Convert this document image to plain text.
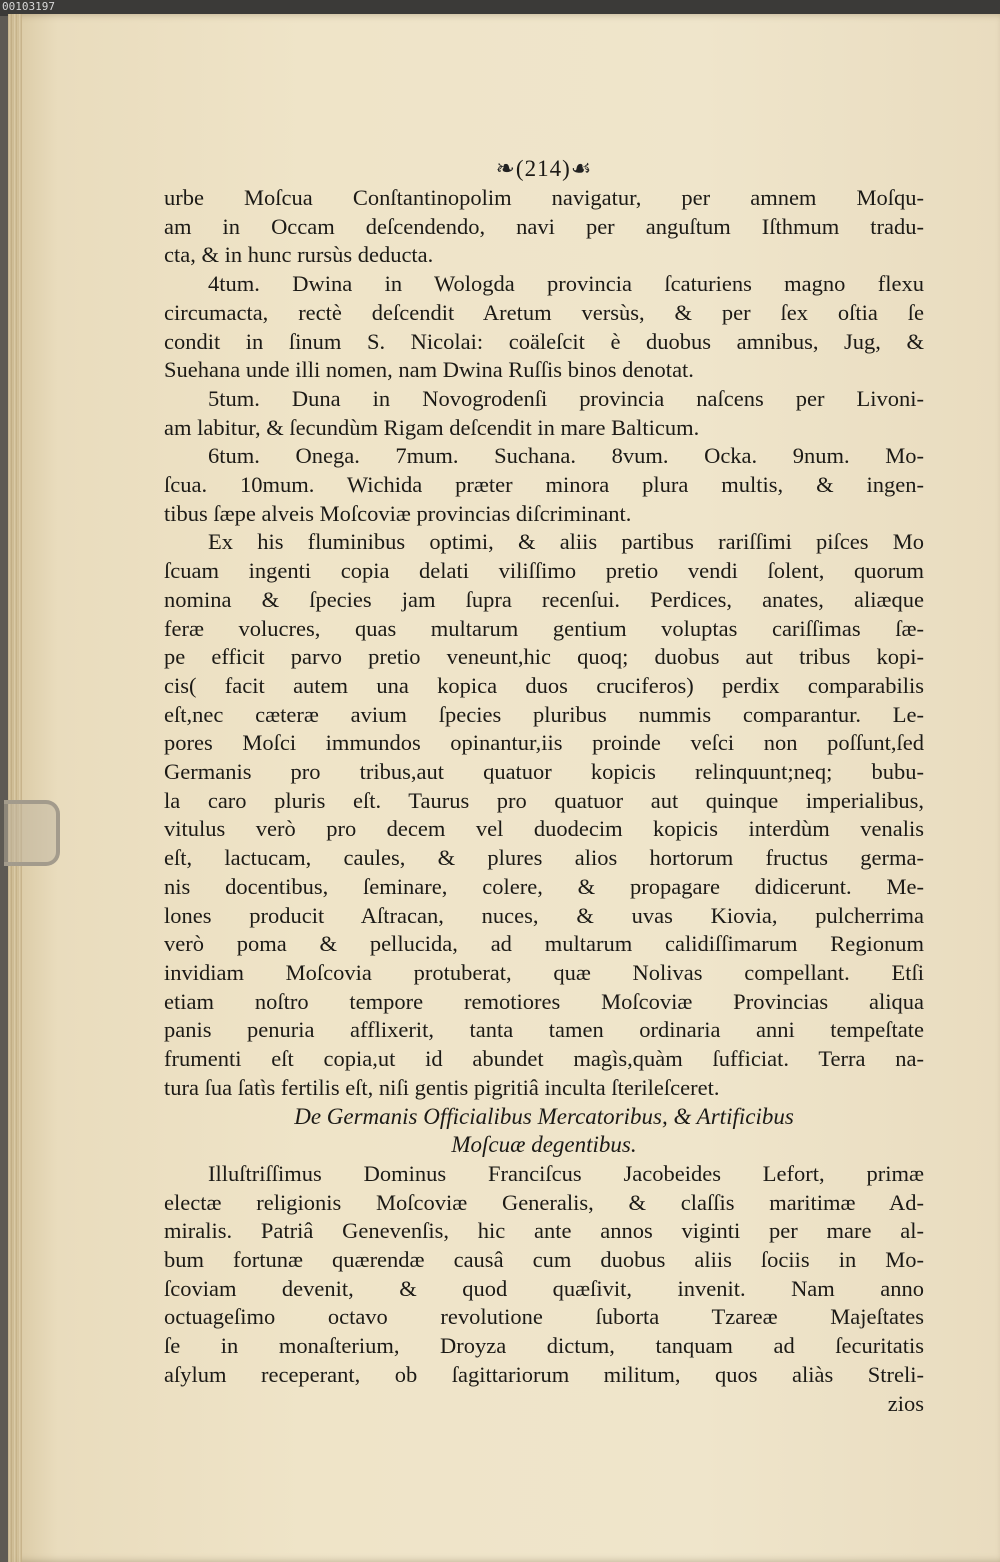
00103197
❧(214)☙
urbe Moſcua Conſtantinopolim navigatur, per amnem Moſqu-
am in Occam deſcendendo, navi per anguſtum Iſthmum tradu-
cta, & in hunc rursùs deducta.
4tum. Dwina in Wologda provincia ſcaturiens magno flexu
circumacta, rectè deſcendit Aretum versùs, & per ſex oſtia ſe
condit in ſinum S. Nicolai: coäleſcit è duobus amnibus, Jug, &
Suehana unde illi nomen, nam Dwina Ruſſis binos denotat.
5tum. Duna in Novogrodenſi provincia naſcens per Livoni-
am labitur, & ſecundùm Rigam deſcendit in mare Balticum.
6tum. Onega. 7mum. Suchana. 8vum. Ocka. 9num. Mo-
ſcua. 10mum. Wichida præter minora plura multis, & ingen-
tibus ſæpe alveis Moſcoviæ provincias diſcriminant.
Ex his fluminibus optimi, & aliis partibus rariſſimi piſces Mo
ſcuam ingenti copia delati viliſſimo pretio vendi ſolent, quorum
nomina & ſpecies jam ſupra recenſui. Perdices, anates, aliæque
feræ volucres, quas multarum gentium voluptas cariſſimas ſæ-
pe efficit parvo pretio veneunt,hic quoq; duobus aut tribus kopi-
cis( facit autem una kopica duos cruciferos) perdix comparabilis
eſt,nec cæteræ avium ſpecies pluribus nummis comparantur. Le-
pores Moſci immundos opinantur,iis proinde veſci non poſſunt,ſed
Germanis pro tribus,aut quatuor kopicis relinquunt;neq; bubu-
la caro pluris eſt. Taurus pro quatuor aut quinque imperialibus,
vitulus verò pro decem vel duodecim kopicis interdùm venalis
eſt, lactucam, caules, & plures alios hortorum fructus germa-
nis docentibus, ſeminare, colere, & propagare didicerunt. Me-
lones producit Aſtracan, nuces, & uvas Kiovia, pulcherrima
verò poma & pellucida, ad multarum calidiſſimarum Regionum
invidiam Moſcovia protuberat, quæ Nolivas compellant. Etſi
etiam noſtro tempore remotiores Moſcoviæ Provincias aliqua
panis penuria afflixerit, tanta tamen ordinaria anni tempeſtate
frumenti eſt copia,ut id abundet magìs,quàm ſufficiat. Terra na-
tura ſua ſatìs fertilis eſt, niſi gentis pigritiâ inculta ſterileſceret.
De Germanis Officialibus Mercatoribus, & Artificibus
Moſcuæ degentibus.
Illuſtriſſimus Dominus Franciſcus Jacobeides Lefort, primæ
electæ religionis Moſcoviæ Generalis, & claſſis maritimæ Ad-
miralis. Patriâ Genevenſis, hic ante annos viginti per mare al-
bum fortunæ quærendæ causâ cum duobus aliis ſociis in Mo-
ſcoviam devenit, & quod quæſivit, invenit. Nam anno
octuageſimo octavo revolutione ſuborta Tzareæ Majeſtates
ſe in monaſterium, Droyza dictum, tanquam ad ſecuritatis
aſylum receperant, ob ſagittariorum militum, quos aliàs Streli-
zios
